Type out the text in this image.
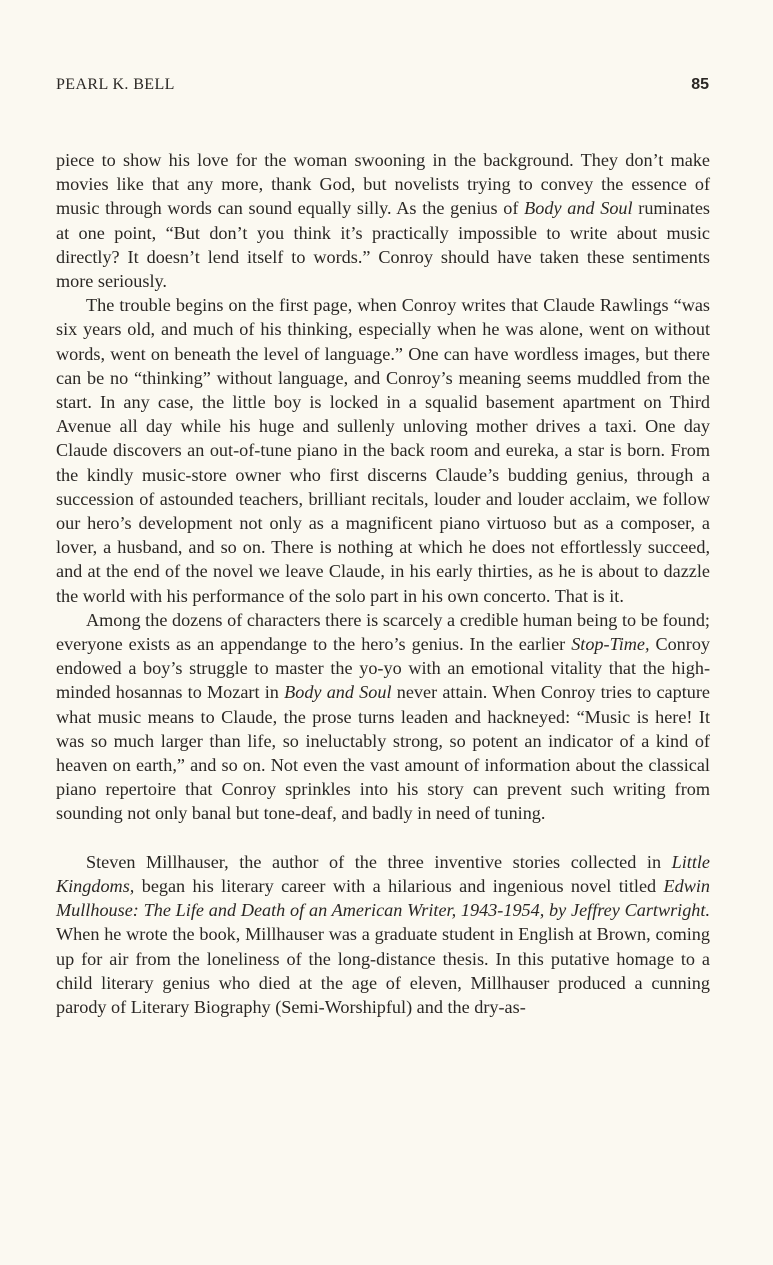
PEARL K. BELL	85

piece to show his love for the woman swooning in the background. They don’t make movies like that any more, thank God, but novelists trying to convey the essence of music through words can sound equally silly. As the genius of Body and Soul ruminates at one point, “But don’t you think it’s practically impossible to write about music directly? It doesn’t lend itself to words.” Conroy should have taken these sentiments more seriously.

The trouble begins on the first page, when Conroy writes that Claude Rawlings “was six years old, and much of his thinking, especially when he was alone, went on without words, went on beneath the level of language.” One can have wordless images, but there can be no “thinking” without language, and Conroy’s meaning seems muddled from the start. In any case, the little boy is locked in a squalid basement apartment on Third Avenue all day while his huge and sullenly unloving mother drives a taxi. One day Claude discovers an out-of-tune piano in the back room and eureka, a star is born. From the kindly music-store owner who first discerns Claude’s budding genius, through a succession of astounded teachers, brilliant recitals, louder and louder acclaim, we follow our hero’s development not only as a magnificent piano virtuoso but as a composer, a lover, a husband, and so on. There is nothing at which he does not effortlessly succeed, and at the end of the novel we leave Claude, in his early thirties, as he is about to dazzle the world with his performance of the solo part in his own concerto. That is it.

Among the dozens of characters there is scarcely a credible human being to be found; everyone exists as an appendange to the hero’s genius. In the earlier Stop-Time, Conroy endowed a boy’s struggle to master the yo-yo with an emotional vitality that the high-minded hosannas to Mozart in Body and Soul never attain. When Conroy tries to capture what music means to Claude, the prose turns leaden and hackneyed: “Music is here! It was so much larger than life, so ineluctably strong, so potent an indicator of a kind of heaven on earth,” and so on. Not even the vast amount of information about the classical piano repertoire that Conroy sprinkles into his story can prevent such writing from sounding not only banal but tone-deaf, and badly in need of tuning.

Steven Millhauser, the author of the three inventive stories collected in Little Kingdoms, began his literary career with a hilarious and ingenious novel titled Edwin Mullhouse: The Life and Death of an American Writer, 1943-1954, by Jeffrey Cartwright. When he wrote the book, Millhauser was a graduate student in English at Brown, coming up for air from the loneliness of the long-distance thesis. In this putative homage to a child literary genius who died at the age of eleven, Millhauser produced a cunning parody of Literary Biography (Semi-Worshipful) and the dry-as-
